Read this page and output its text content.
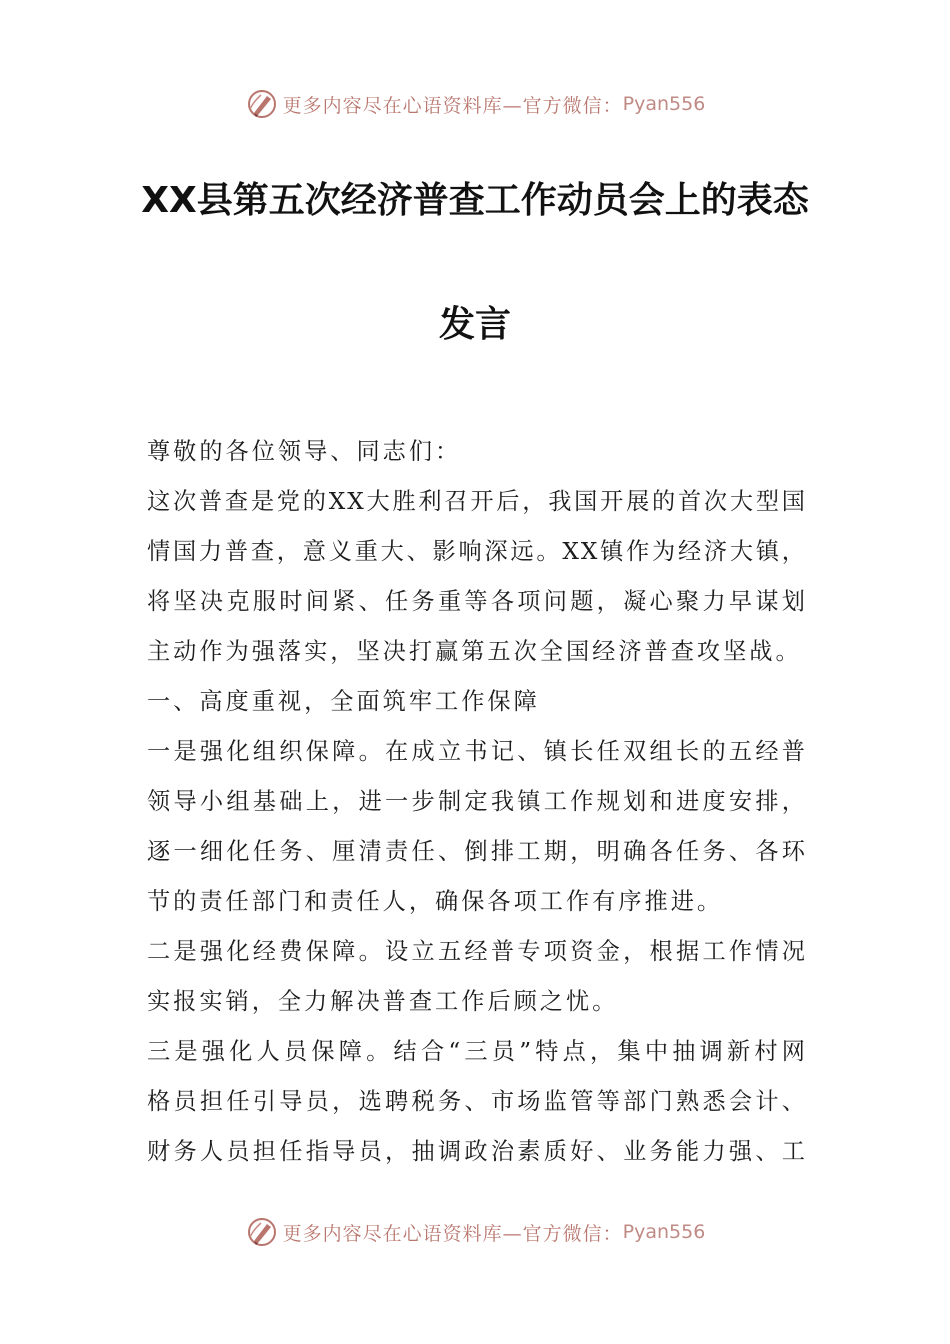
更多内容尽在心语资料库—官方微信： Pyan556
XX县第五次经济普查工作动员会上的表态
发言
尊敬的各位领导、同志们：
这次普查是党的XX大胜利召开后，我国开展的首次大型国
情国力普查，意义重大、影响深远。XX镇作为经济大镇，
将坚决克服时间紧、任务重等各项问题，凝心聚力早谋划
主动作为强落实，坚决打赢第五次全国经济普查攻坚战。
一、高度重视，全面筑牢工作保障
一是强化组织保障。在成立书记、镇长任双组长的五经普
领导小组基础上，进一步制定我镇工作规划和进度安排，
逐一细化任务、厘清责任、倒排工期，明确各任务、各环
节的责任部门和责任人，确保各项工作有序推进。
二是强化经费保障。设立五经普专项资金，根据工作情况
实报实销，全力解决普查工作后顾之忧。
三是强化人员保障。结合“三员”特点，集中抽调新村网
格员担任引导员，选聘税务、市场监管等部门熟悉会计、
财务人员担任指导员，抽调政治素质好、业务能力强、工
更多内容尽在心语资料库—官方微信： Pyan556
